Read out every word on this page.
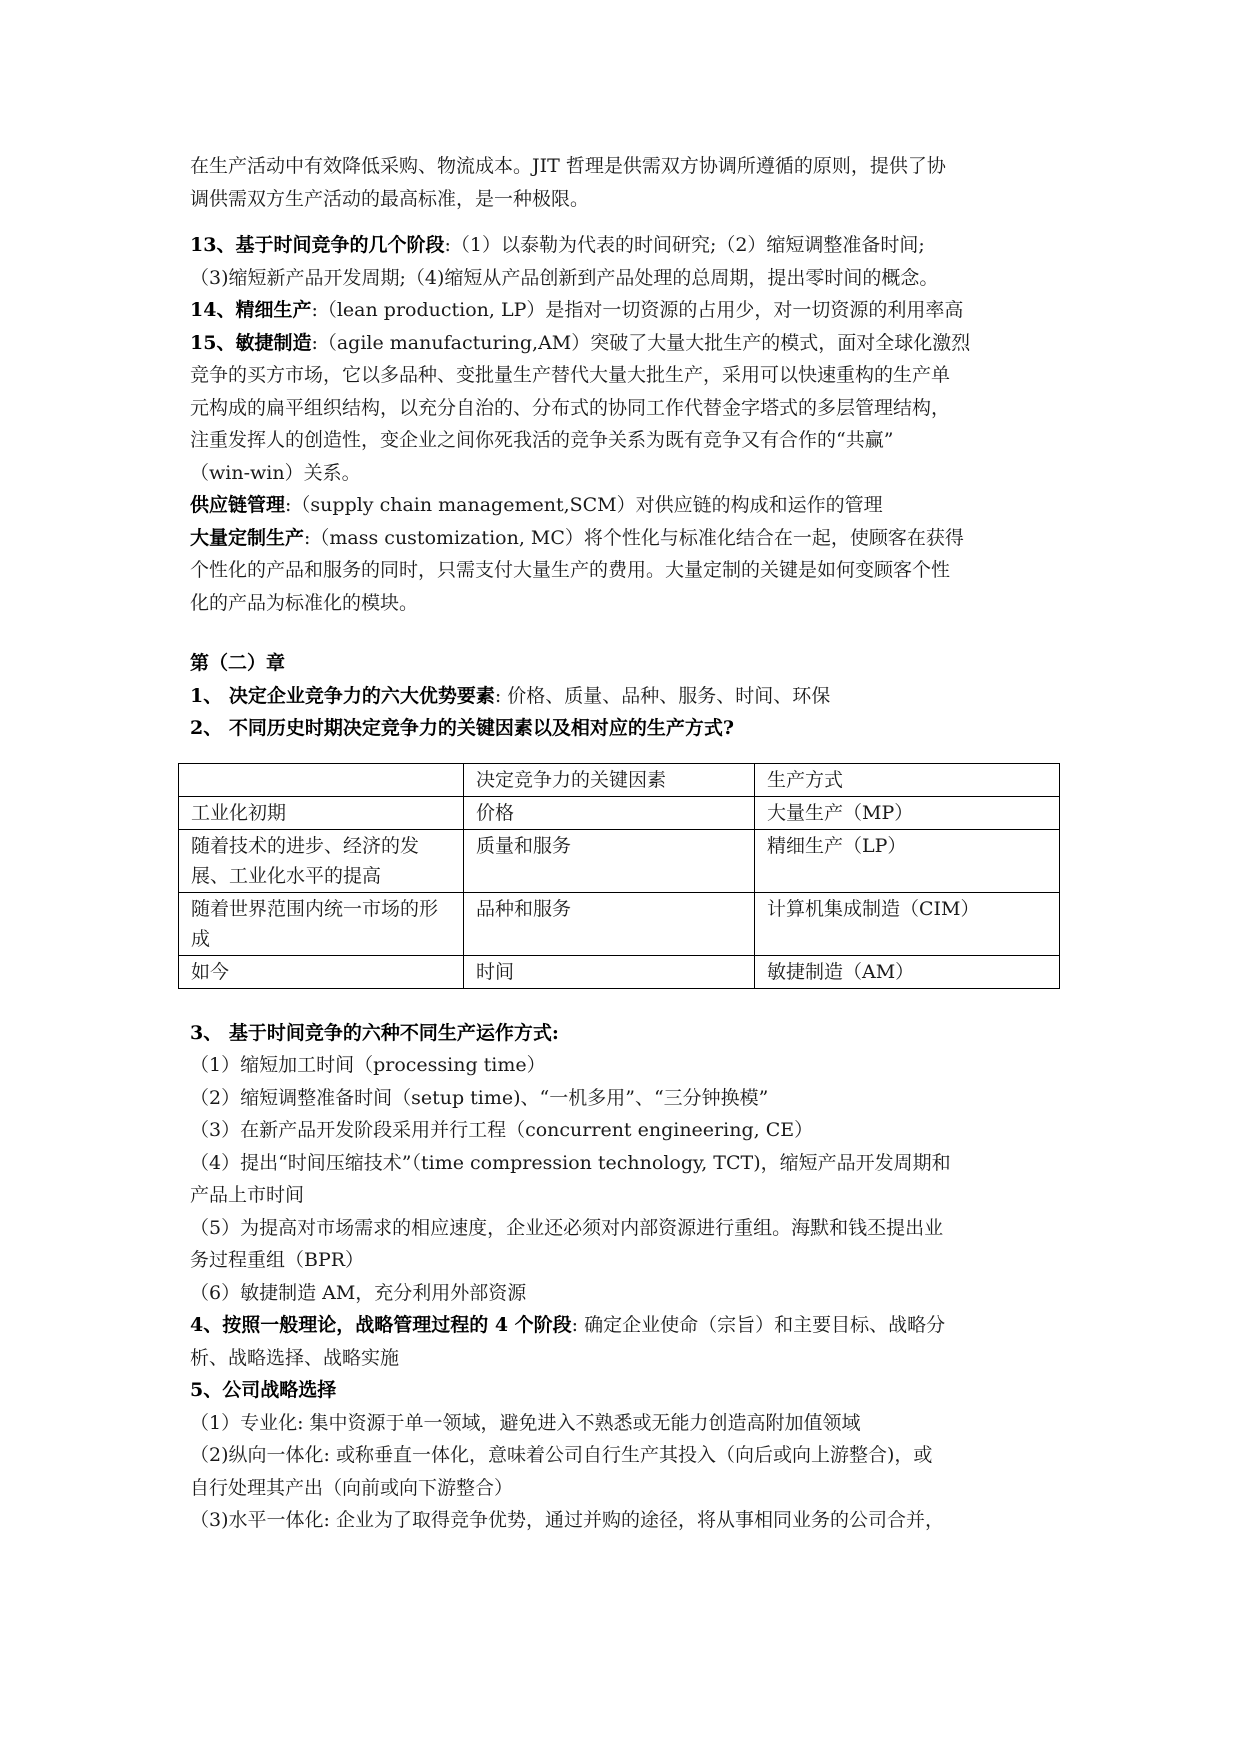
在生产活动中有效降低采购、物流成本。JIT 哲理是供需双方协调所遵循的原则，提供了协

调供需双方生产活动的最高标准，是一种极限。

13、基于时间竞争的几个阶段:（1）以泰勒为代表的时间研究;（2）缩短调整准备时间;

（3)缩短新产品开发周期;（4)缩短从产品创新到产品处理的总周期，提出零时间的概念。

14、精细生产:（lean production, LP）是指对一切资源的占用少，对一切资源的利用率高

15、敏捷制造:（agile manufacturing,AM）突破了大量大批生产的模式，面对全球化激烈

竞争的买方市场，它以多品种、变批量生产替代大量大批生产，采用可以快速重构的生产单

元构成的扁平组织结构，以充分自治的、分布式的协同工作代替金字塔式的多层管理结构，

注重发挥人的创造性，变企业之间你死我活的竞争关系为既有竞争又有合作的“共赢”

（win-win）关系。

供应链管理:（supply chain management,SCM）对供应链的构成和运作的管理

大量定制生产:（mass customization, MC）将个性化与标准化结合在一起，使顾客在获得

个性化的产品和服务的同时，只需支付大量生产的费用。大量定制的关键是如何变顾客个性

化的产品为标准化的模块。

第（二）章

1、 决定企业竞争力的六大优势要素: 价格、质量、品种、服务、时间、环保

2、 不同历史时期决定竞争力的关键因素以及相对应的生产方式?

	决定竞争力的关键因素	生产方式
工业化初期	价格	大量生产（MP）
随着技术的进步、经济的发展、工业化水平的提高	质量和服务	精细生产（LP）
随着世界范围内统一市场的形成	品种和服务	计算机集成制造（CIM）
如今	时间	敏捷制造（AM）

3、 基于时间竞争的六种不同生产运作方式:

（1）缩短加工时间（processing time）

（2）缩短调整准备时间（setup time)、“一机多用”、“三分钟换模”

（3）在新产品开发阶段采用并行工程（concurrent engineering, CE）

（4）提出“时间压缩技术”（time compression technology, TCT)，缩短产品开发周期和

产品上市时间

（5）为提高对市场需求的相应速度，企业还必须对内部资源进行重组。海默和钱丕提出业

务过程重组（BPR）

（6）敏捷制造 AM，充分利用外部资源

4、按照一般理论，战略管理过程的 4 个阶段: 确定企业使命（宗旨）和主要目标、战略分

析、战略选择、战略实施

5、公司战略选择

（1）专业化: 集中资源于单一领域，避免进入不熟悉或无能力创造高附加值领域

（2)纵向一体化: 或称垂直一体化，意味着公司自行生产其投入（向后或向上游整合)，或

自行处理其产出（向前或向下游整合）

（3)水平一体化: 企业为了取得竞争优势，通过并购的途径，将从事相同业务的公司合并，
